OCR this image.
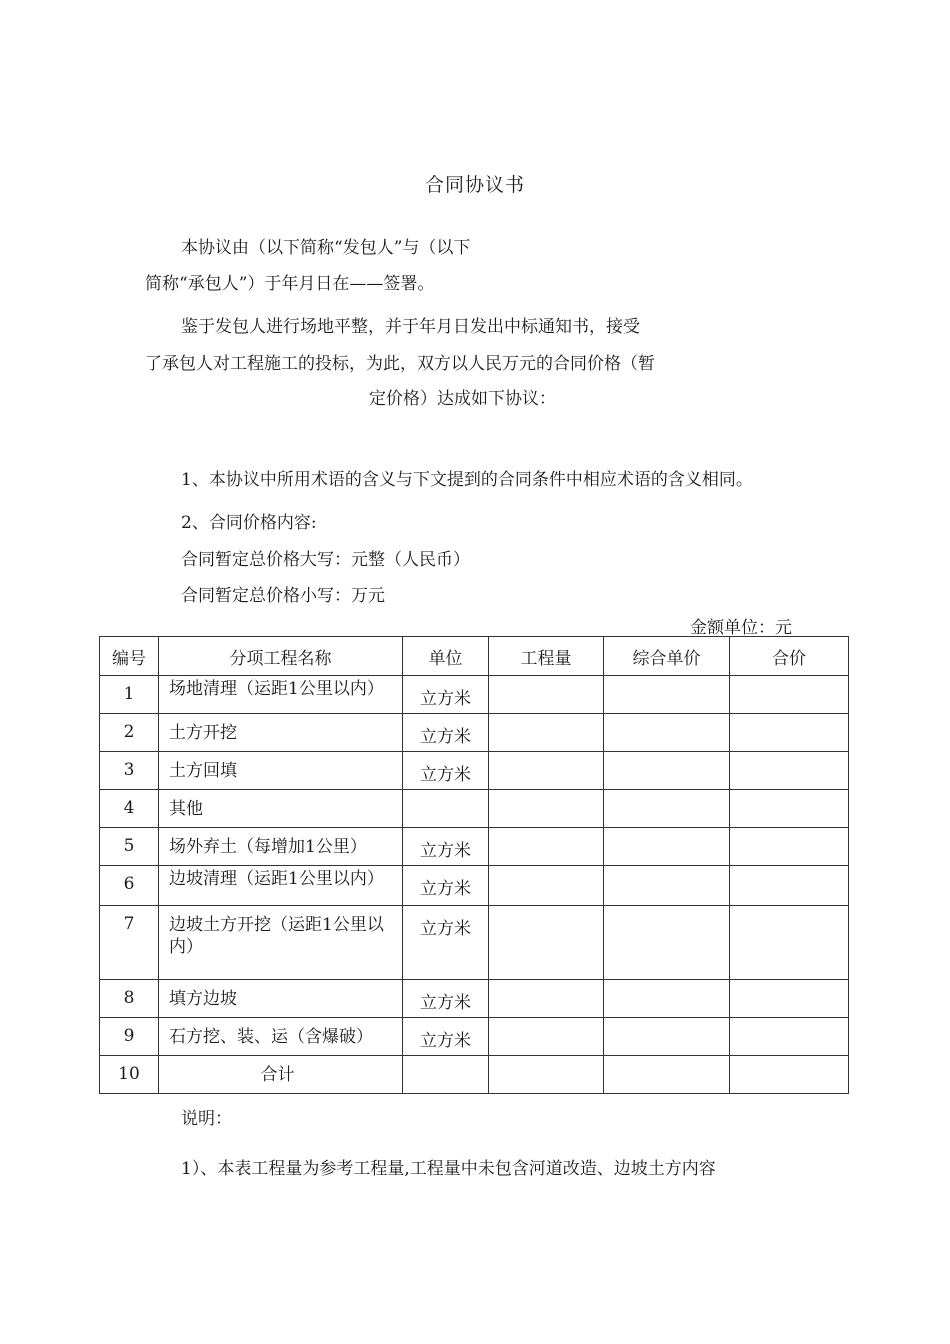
合同协议书
本协议由（以下简称“发包人”与（以下
简称“承包人”）于年月日在——签署。
鉴于发包人进行场地平整，并于年月日发出中标通知书，接受
了承包人对工程施工的投标，为此，双方以人民万元的合同价格（暂
定价格）达成如下协议：
1、本协议中所用术语的含义与下文提到的合同条件中相应术语的含义相同。
2、合同价格内容:
合同暂定总价格大写：元整（人民币）
合同暂定总价格小写：万元
金额单位：元
编号	分项工程名称	单位	工程量	综合单价	合价

1	场地清理（运距1公里以内）	立方米			

2	土方开挖	立方米			

3	土方回填	立方米			

4	其他				

5	场外弃土（每增加1公里）	立方米			

6	边坡清理（运距1公里以内）	立方米			

7	边坡土方开挖（运距1公里以内）	立方米			

8	填方边坡	立方米			

9	石方挖、装、运（含爆破）	立方米			

10	合计				

说明：
1）、本表工程量为参考工程量,工程量中未包含河道改造、边坡土方内容
